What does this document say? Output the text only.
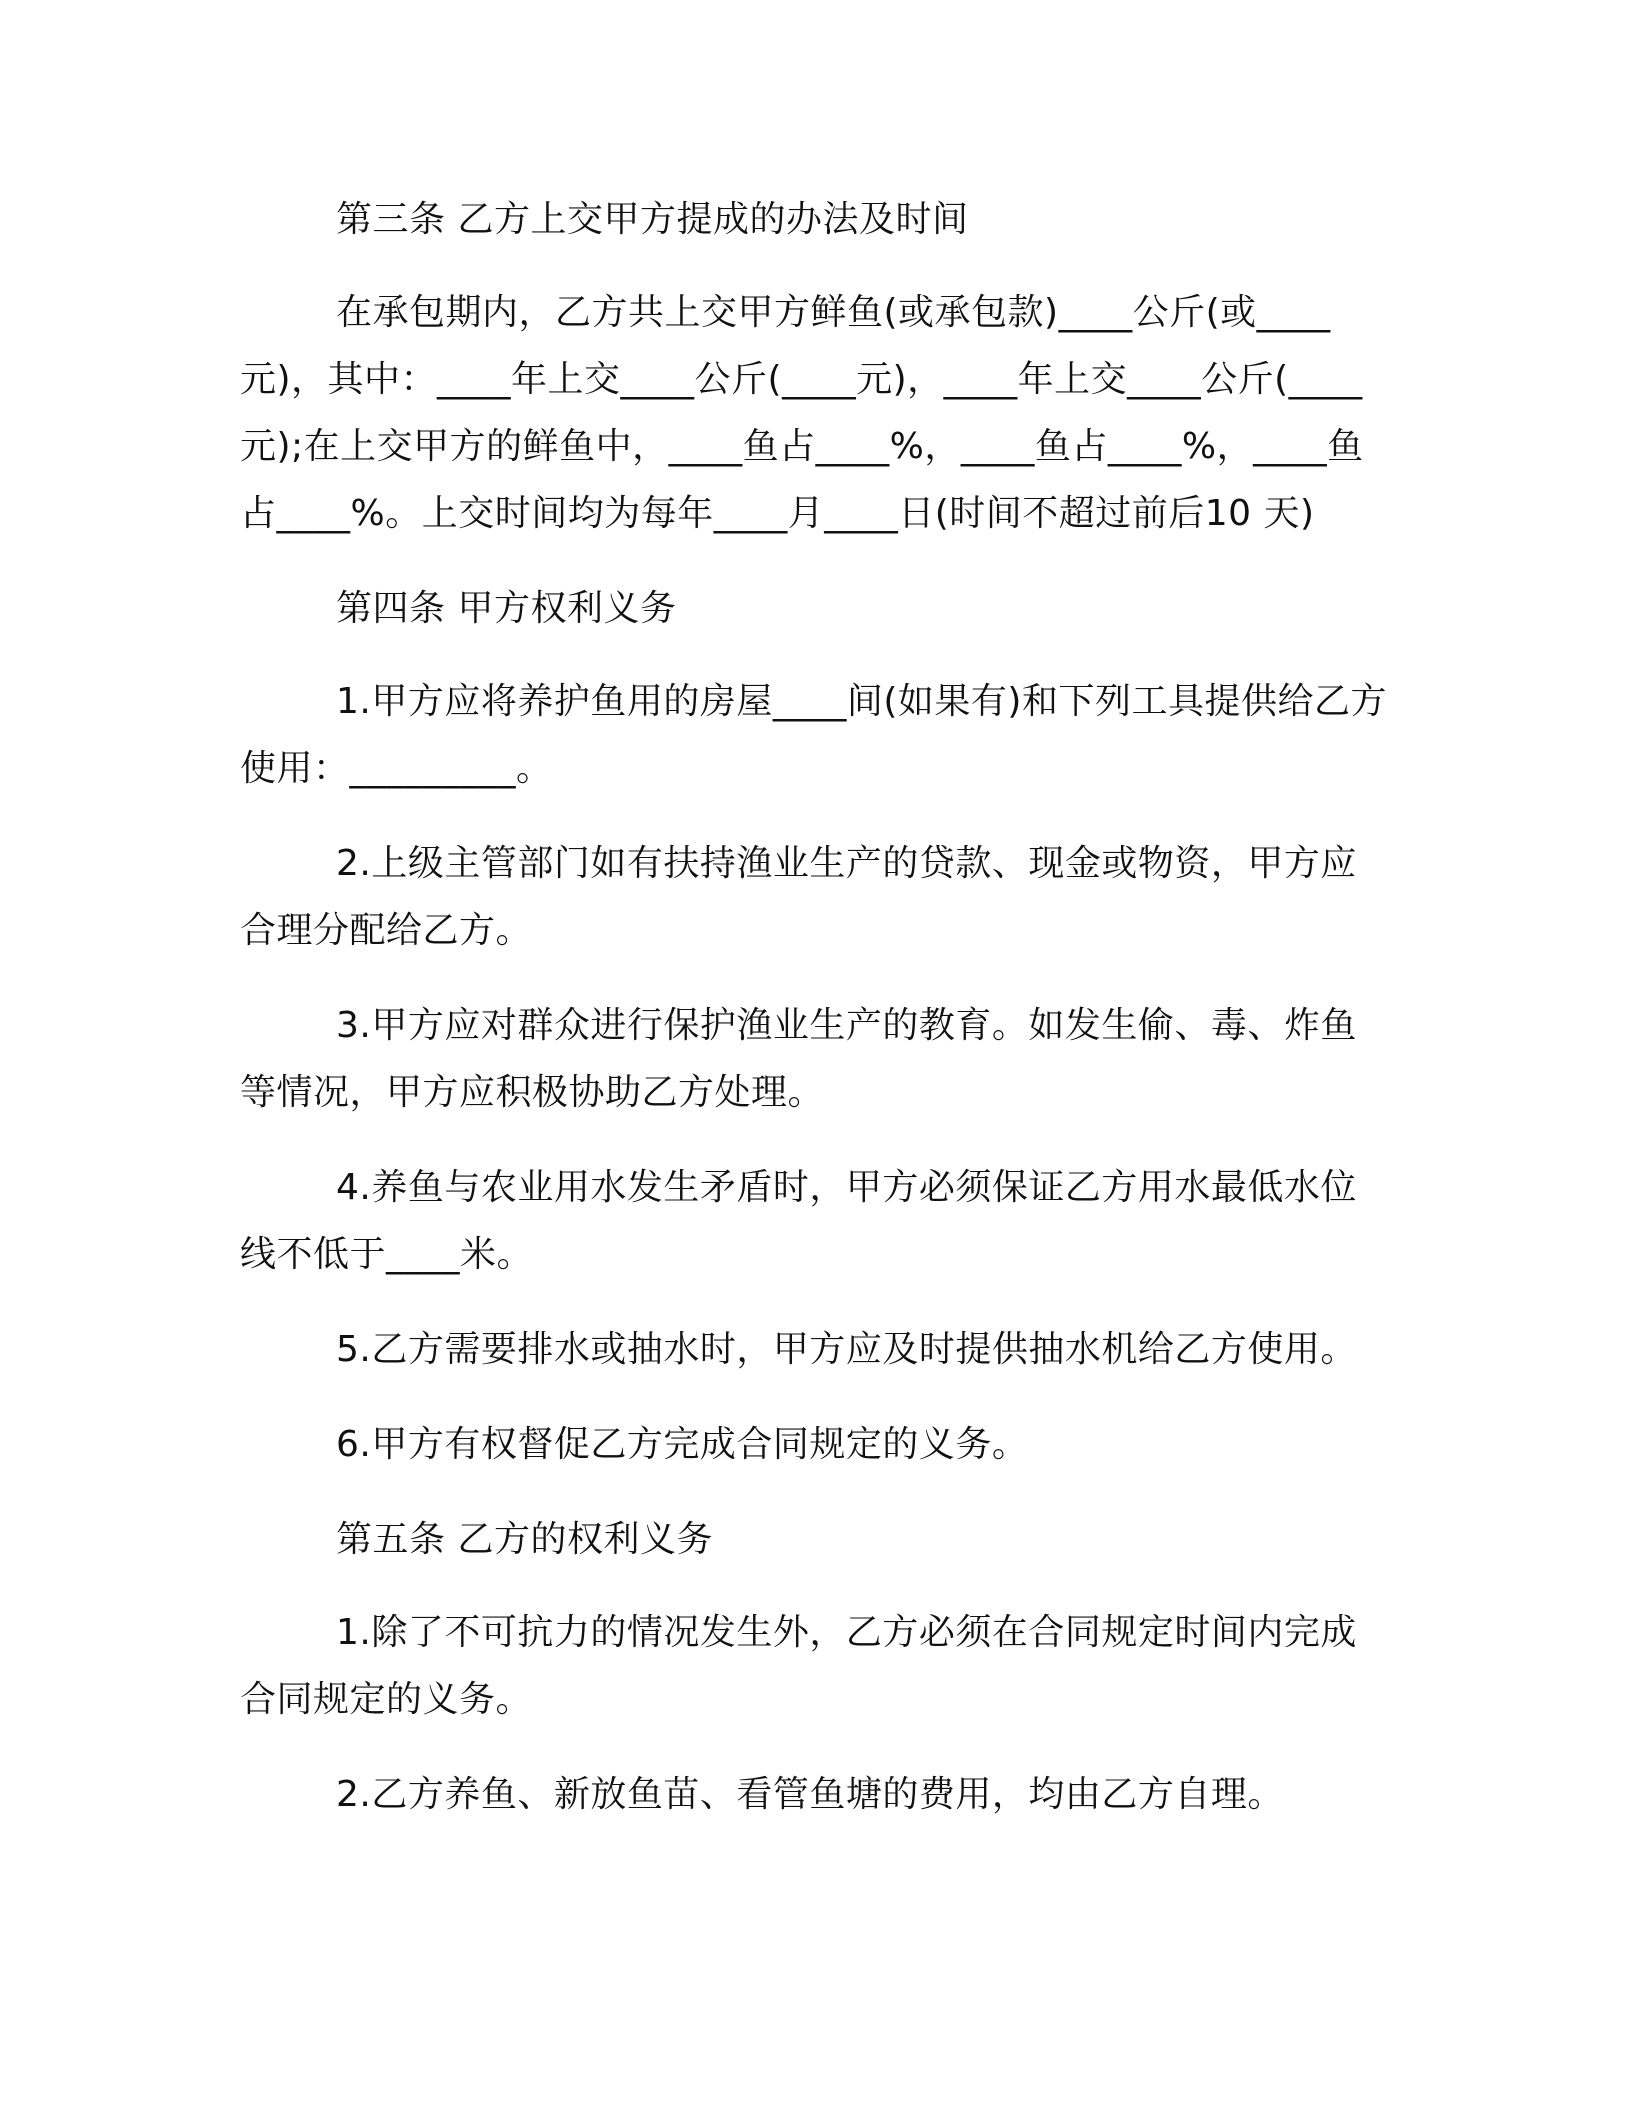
第三条 乙方上交甲方提成的办法及时间

在承包期内，乙方共上交甲方鲜鱼(或承包款)____公斤(或____元)，其中：____年上交____公斤(____元)，____年上交____公斤(____元);在上交甲方的鲜鱼中，____鱼占____%，____鱼占____%，____鱼占____%。上交时间均为每年____月____日(时间不超过前后10 天)

第四条 甲方权利义务

1.甲方应将养护鱼用的房屋____间(如果有)和下列工具提供给乙方使用：_________。

2.上级主管部门如有扶持渔业生产的贷款、现金或物资，甲方应合理分配给乙方。

3.甲方应对群众进行保护渔业生产的教育。如发生偷、毒、炸鱼等情况，甲方应积极协助乙方处理。

4.养鱼与农业用水发生矛盾时，甲方必须保证乙方用水最低水位线不低于____米。

5.乙方需要排水或抽水时，甲方应及时提供抽水机给乙方使用。

6.甲方有权督促乙方完成合同规定的义务。

第五条 乙方的权利义务

1.除了不可抗力的情况发生外，乙方必须在合同规定时间内完成合同规定的义务。

2.乙方养鱼、新放鱼苗、看管鱼塘的费用，均由乙方自理。
